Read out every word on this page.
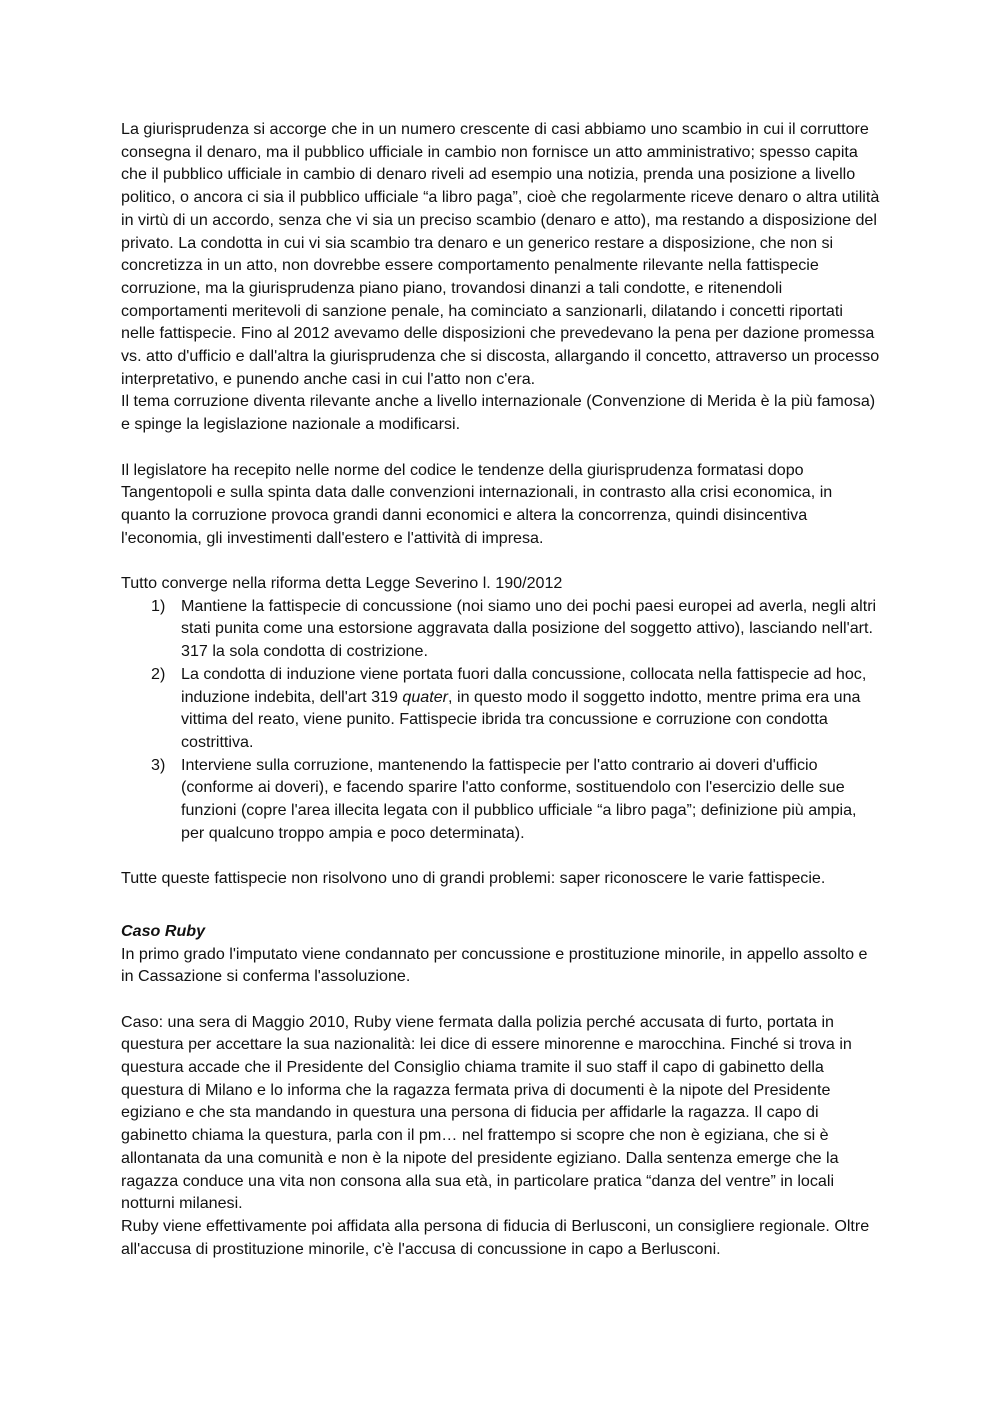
La giurisprudenza si accorge che in un numero crescente di casi abbiamo uno scambio in cui il corruttore consegna il denaro, ma il pubblico ufficiale in cambio non fornisce un atto amministrativo; spesso capita che il pubblico ufficiale in cambio di denaro riveli ad esempio una notizia, prenda una posizione a livello politico, o ancora ci sia il pubblico ufficiale “a libro paga”, cioè che regolarmente riceve denaro o altra utilità in virtù di un accordo, senza che vi sia un preciso scambio (denaro e atto), ma restando a disposizione del privato. La condotta in cui vi sia scambio tra denaro e un generico restare a disposizione, che non si concretizza in un atto, non dovrebbe essere comportamento penalmente rilevante nella fattispecie corruzione, ma la giurisprudenza piano piano, trovandosi dinanzi a tali condotte, e ritenendoli comportamenti meritevoli di sanzione penale, ha cominciato a sanzionarli, dilatando i concetti riportati nelle fattispecie. Fino al 2012 avevamo delle disposizioni che prevedevano la pena per dazione promessa vs. atto d'ufficio e dall'altra la giurisprudenza che si discosta, allargando il concetto, attraverso un processo interpretativo, e punendo anche casi in cui l'atto non c'era.

Il tema corruzione diventa rilevante anche a livello internazionale (Convenzione di Merida è la più famosa) e spinge la legislazione nazionale a modificarsi.

Il legislatore ha recepito nelle norme del codice le tendenze della giurisprudenza formatasi dopo Tangentopoli e sulla spinta data dalle convenzioni internazionali, in contrasto alla crisi economica, in quanto la corruzione provoca grandi danni economici e altera la concorrenza, quindi disincentiva l'economia, gli investimenti dall'estero e l'attività di impresa.

Tutto converge nella riforma detta Legge Severino l. 190/2012

1) Mantiene la fattispecie di concussione (noi siamo uno dei pochi paesi europei ad averla, negli altri stati punita come una estorsione aggravata dalla posizione del soggetto attivo), lasciando nell'art. 317 la sola condotta di costrizione.
2) La condotta di induzione viene portata fuori dalla concussione, collocata nella fattispecie ad hoc, induzione indebita, dell'art 319 quater, in questo modo il soggetto indotto, mentre prima era una vittima del reato, viene punito. Fattispecie ibrida tra concussione e corruzione con condotta costrittiva.
3) Interviene sulla corruzione, mantenendo la fattispecie per l'atto contrario ai doveri d'ufficio (conforme ai doveri), e facendo sparire l'atto conforme, sostituendolo con l'esercizio delle sue funzioni (copre l'area illecita legata con il pubblico ufficiale “a libro paga”; definizione più ampia, per qualcuno troppo ampia e poco determinata).

Tutte queste fattispecie non risolvono uno di grandi problemi: saper riconoscere le varie fattispecie.

Caso Ruby

In primo grado l'imputato viene condannato per concussione e prostituzione minorile, in appello assolto e in Cassazione si conferma l'assoluzione.

Caso: una sera di Maggio 2010, Ruby viene fermata dalla polizia perché accusata di furto, portata in questura per accettare la sua nazionalità: lei dice di essere minorenne e marocchina. Finché si trova in questura accade che il Presidente del Consiglio chiama tramite il suo staff il capo di gabinetto della questura di Milano e lo informa che la ragazza fermata priva di documenti è la nipote del Presidente egiziano e che sta mandando in questura una persona di fiducia per affidarle la ragazza. Il capo di gabinetto chiama la questura, parla con il pm… nel frattempo si scopre che non è egiziana, che si è allontanata da una comunità e non è la nipote del presidente egiziano. Dalla sentenza emerge che la ragazza conduce una vita non consona alla sua età, in particolare pratica “danza del ventre” in locali notturni milanesi.

Ruby viene effettivamente poi affidata alla persona di fiducia di Berlusconi, un consigliere regionale. Oltre all'accusa di prostituzione minorile, c'è l'accusa di concussione in capo a Berlusconi.
